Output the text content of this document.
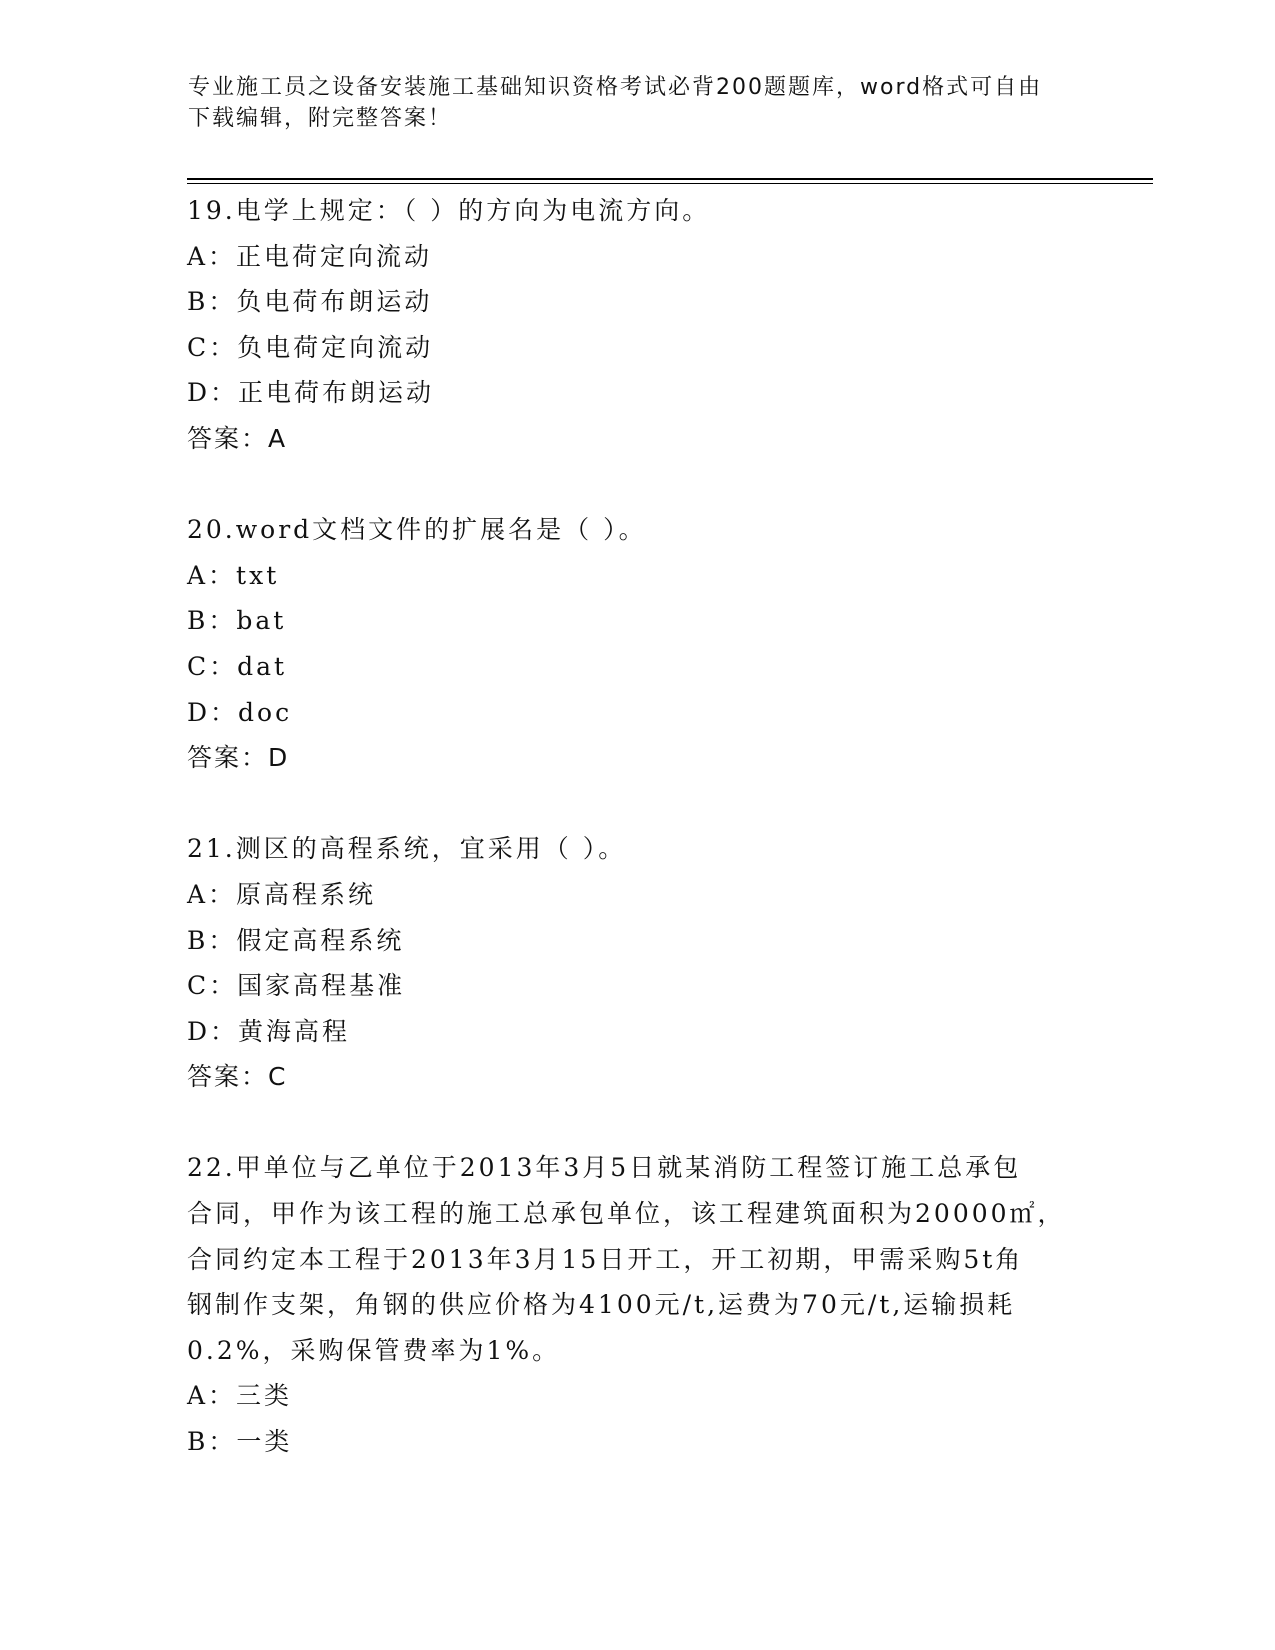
专业施工员之设备安装施工基础知识资格考试必背200题题库，word格式可自由
下载编辑，附完整答案！
19.电学上规定：（ ）的方向为电流方向。
A：正电荷定向流动
B：负电荷布朗运动
C：负电荷定向流动
D：正电荷布朗运动
答案：A
20.word文档文件的扩展名是（ ）。
A：txt
B：bat
C：dat
D：doc
答案：D
21.测区的高程系统，宜采用（ ）。
A：原高程系统
B：假定高程系统
C：国家高程基准
D：黄海高程
答案：C
22.甲单位与乙单位于2013年3月5日就某消防工程签订施工总承包
合同，甲作为该工程的施工总承包单位，该工程建筑面积为20000㎡，
合同约定本工程于2013年3月15日开工，开工初期，甲需采购5t角
钢制作支架，角钢的供应价格为4100元/t,运费为70元/t,运输损耗
0.2%，采购保管费率为1%。
A：三类
B：一类
